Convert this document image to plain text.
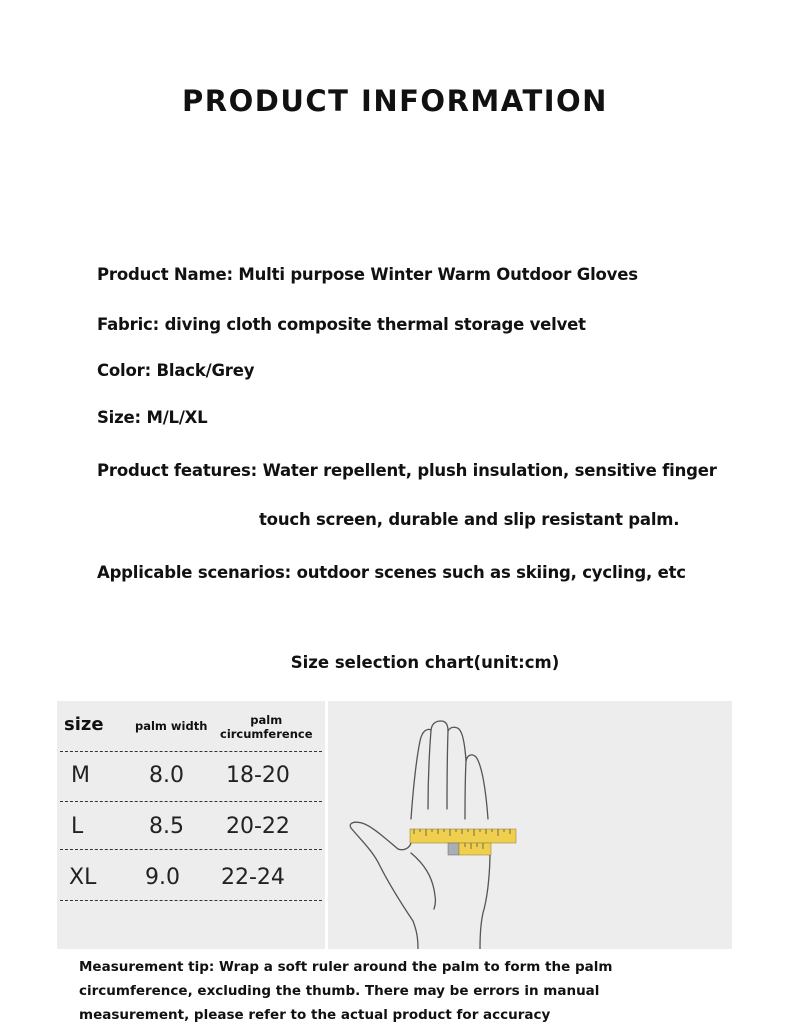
PRODUCT INFORMATION
Product Name: Multi purpose Winter Warm Outdoor Gloves
Fabric: diving cloth composite thermal storage velvet
Color: Black/Grey
Size: M/L/XL
Product features: Water repellent, plush insulation, sensitive finger
touch screen, durable and slip resistant palm.
Applicable scenarios: outdoor scenes such as skiing, cycling, etc
Size selection chart(unit:cm)
size	palm width	palm
circumference
M	8.0 18-20
L	8.5 20-22
XL 9.0 22-24
Measurement tip: Wrap a soft ruler around the palm to form the palm
circumference, excluding the thumb. There may be errors in manual
measurement, please refer to the actual product for accuracy
